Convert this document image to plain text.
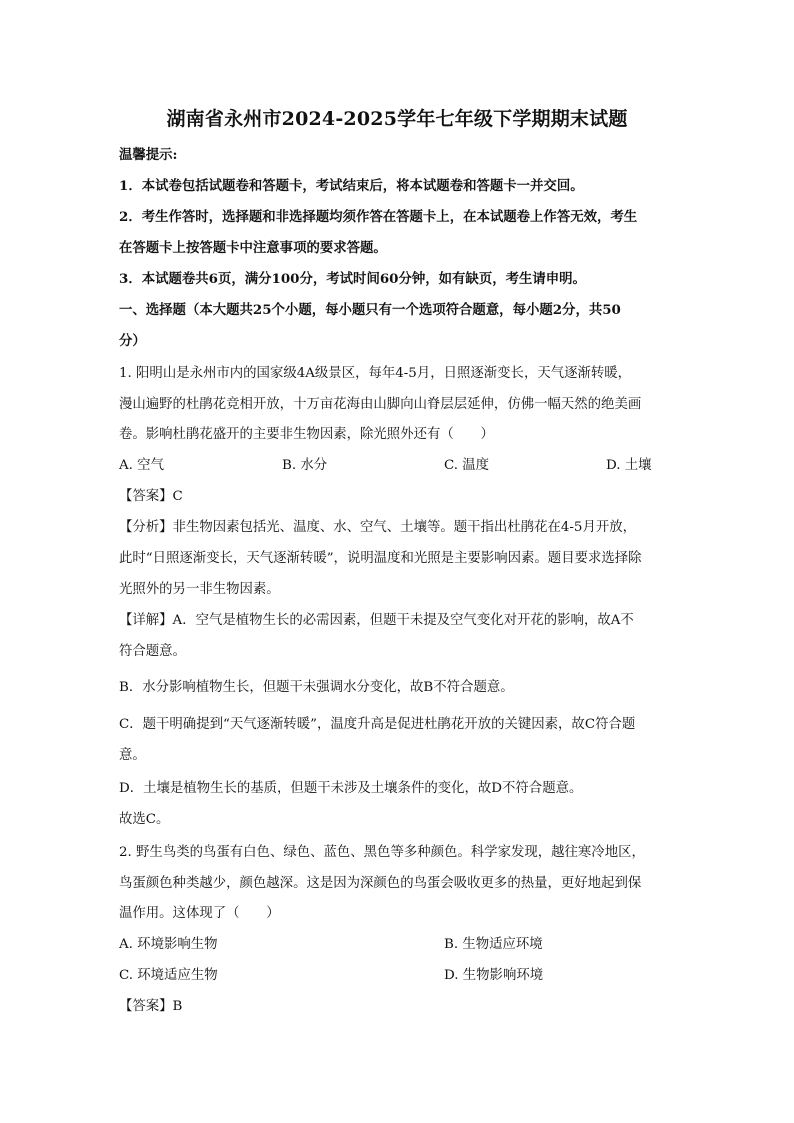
湖南省永州市2024-2025学年七年级下学期期末试题
温馨提示:
1．本试卷包括试题卷和答题卡，考试结束后，将本试题卷和答题卡一并交回。
2．考生作答时，选择题和非选择题均须作答在答题卡上，在本试题卷上作答无效，考生
在答题卡上按答题卡中注意事项的要求答题。
3．本试题卷共6页，满分100分，考试时间60分钟，如有缺页，考生请申明。
一、选择题（本大题共25个小题，每小题只有一个选项符合题意，每小题2分，共50
分）
1. 阳明山是永州市内的国家级4A级景区，每年4-5月，日照逐渐变长，天气逐渐转暖，
漫山遍野的杜鹃花竞相开放，十万亩花海由山脚向山脊层层延伸，仿佛一幅天然的绝美画
卷。影响杜鹃花盛开的主要非生物因素，除光照外还有（　　）
A. 空气	B. 水分	C. 温度	D. 土壤
【答案】C
【分析】非生物因素包括光、温度、水、空气、土壤等。题干指出杜鹃花在4-5月开放，
此时“日照逐渐变长，天气逐渐转暖”，说明温度和光照是主要影响因素。题目要求选择除
光照外的另一非生物因素。
【详解】A．空气是植物生长的必需因素，但题干未提及空气变化对开花的影响，故A不
符合题意。
B．水分影响植物生长，但题干未强调水分变化，故B不符合题意。
C．题干明确提到“天气逐渐转暖”，温度升高是促进杜鹃花开放的关键因素，故C符合题
意。
D．土壤是植物生长的基质，但题干未涉及土壤条件的变化，故D不符合题意。
故选C。
2. 野生鸟类的鸟蛋有白色、绿色、蓝色、黑色等多种颜色。科学家发现，越往寒冷地区，
鸟蛋颜色种类越少，颜色越深。这是因为深颜色的鸟蛋会吸收更多的热量，更好地起到保
温作用。这体现了（　　）
A. 环境影响生物	B. 生物适应环境
C. 环境适应生物	D. 生物影响环境
【答案】B
